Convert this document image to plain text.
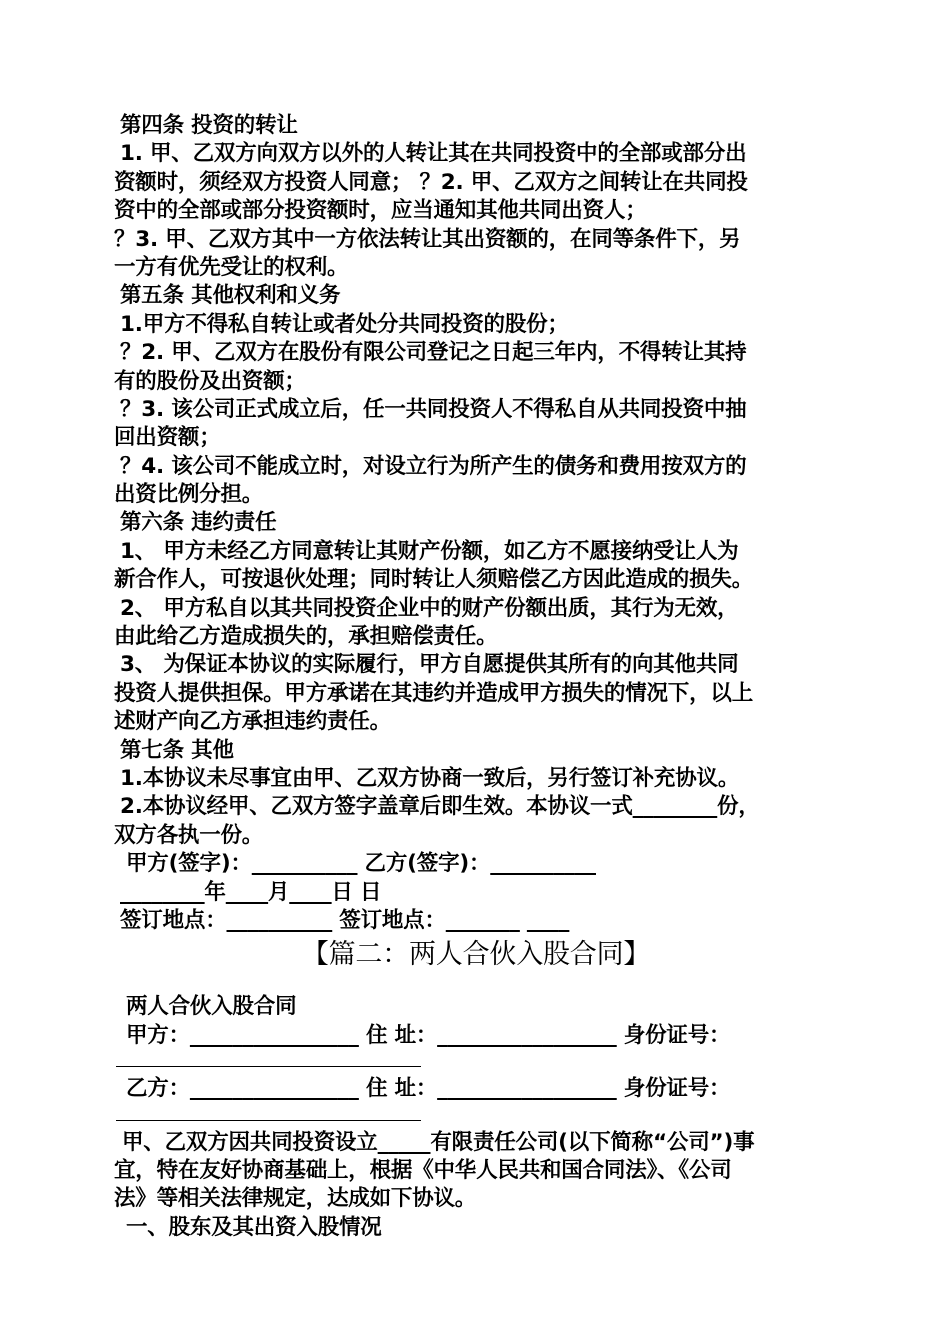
第四条 投资的转让
1. 甲、乙双方向双方以外的人转让其在共同投资中的全部或部分出
资额时，须经双方投资人同意； ？2. 甲、乙双方之间转让在共同投
资中的全部或部分投资额时，应当通知其他共同出资人；
？3. 甲、乙双方其中一方依法转让其出资额的，在同等条件下，另
一方有优先受让的权利。
第五条 其他权利和义务
1.甲方不得私自转让或者处分共同投资的股份；
？2. 甲、乙双方在股份有限公司登记之日起三年内，不得转让其持
有的股份及出资额；
？3. 该公司正式成立后，任一共同投资人不得私自从共同投资中抽
回出资额；
？4. 该公司不能成立时，对设立行为所产生的债务和费用按双方的
出资比例分担。
第六条 违约责任
1、 甲方未经乙方同意转让其财产份额，如乙方不愿接纳受让人为
新合作人，可按退伙处理；同时转让人须赔偿乙方因此造成的损失。
2、 甲方私自以其共同投资企业中的财产份额出质，其行为无效，
由此给乙方造成损失的，承担赔偿责任。
3、 为保证本协议的实际履行，甲方自愿提供其所有的向其他共同
投资人提供担保。甲方承诺在其违约并造成甲方损失的情况下，以上
述财产向乙方承担违约责任。
第七条 其他
1.本协议未尽事宜由甲、乙双方协商一致后，另行签订补充协议。
2.本协议经甲、乙双方签字盖章后即生效。本协议一式________份，
双方各执一份。
甲方(签字)：__________ 乙方(签字)：__________
________年____月____日 日
签订地点：__________ 签订地点：_______ ____
【篇二：两人合伙入股合同】
两人合伙入股合同
甲方：________________ 住 址：_________________ 身份证号：
乙方：________________ 住 址：_________________ 身份证号：
甲、乙双方因共同投资设立_____有限责任公司(以下简称“公司”)事
宜，特在友好协商基础上，根据《中华人民共和国合同法》、《公司
法》等相关法律规定，达成如下协议。
一、股东及其出资入股情况
